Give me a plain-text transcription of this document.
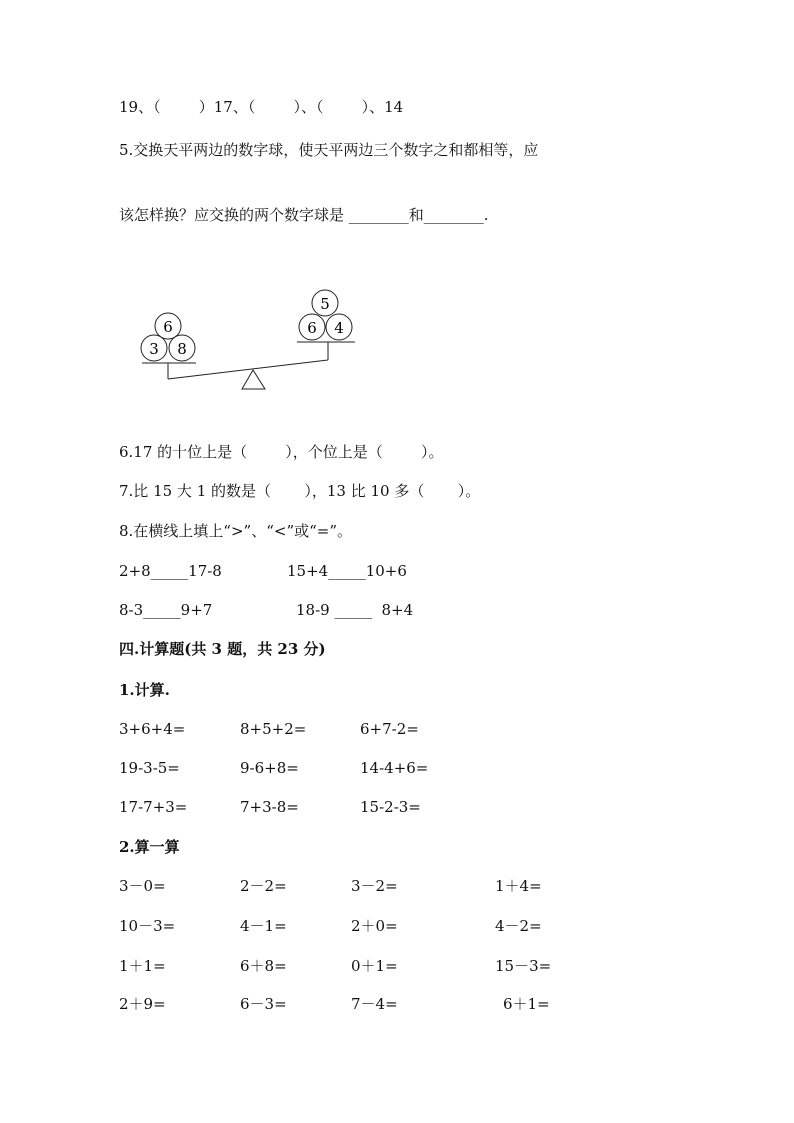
19、（        ）17、（        ）、（        ）、14
5.交换天平两边的数字球，使天平两边三个数字之和都相等，应
该怎样换？应交换的两个数字球是 ________和________.
6
3 8
5
6 4
6.17 的十位上是（        ），个位上是（        ）。
7.比 15 大 1 的数是（       ），13 比 10 多（       ）。
8.在横线上填上“>”、“<”或“=”。
2+8_____17-8	15+4_____10+6
8-3_____9+7	18-9 _____  8+4
四.计算题(共 3 题，共 23 分)
1.计算.
3+6+4=	8+5+2=	6+7-2=
19-3-5=	9-6+8=	14-4+6=
17-7+3=	7+3-8=	15-2-3=
2.算一算
3－0=	2－2=	3－2=	1＋4=
10－3=	4－1=	2＋0=	4－2=
1＋1=	6＋8=	0＋1=	15－3=
2＋9=	6－3=	7－4=	6＋1=
